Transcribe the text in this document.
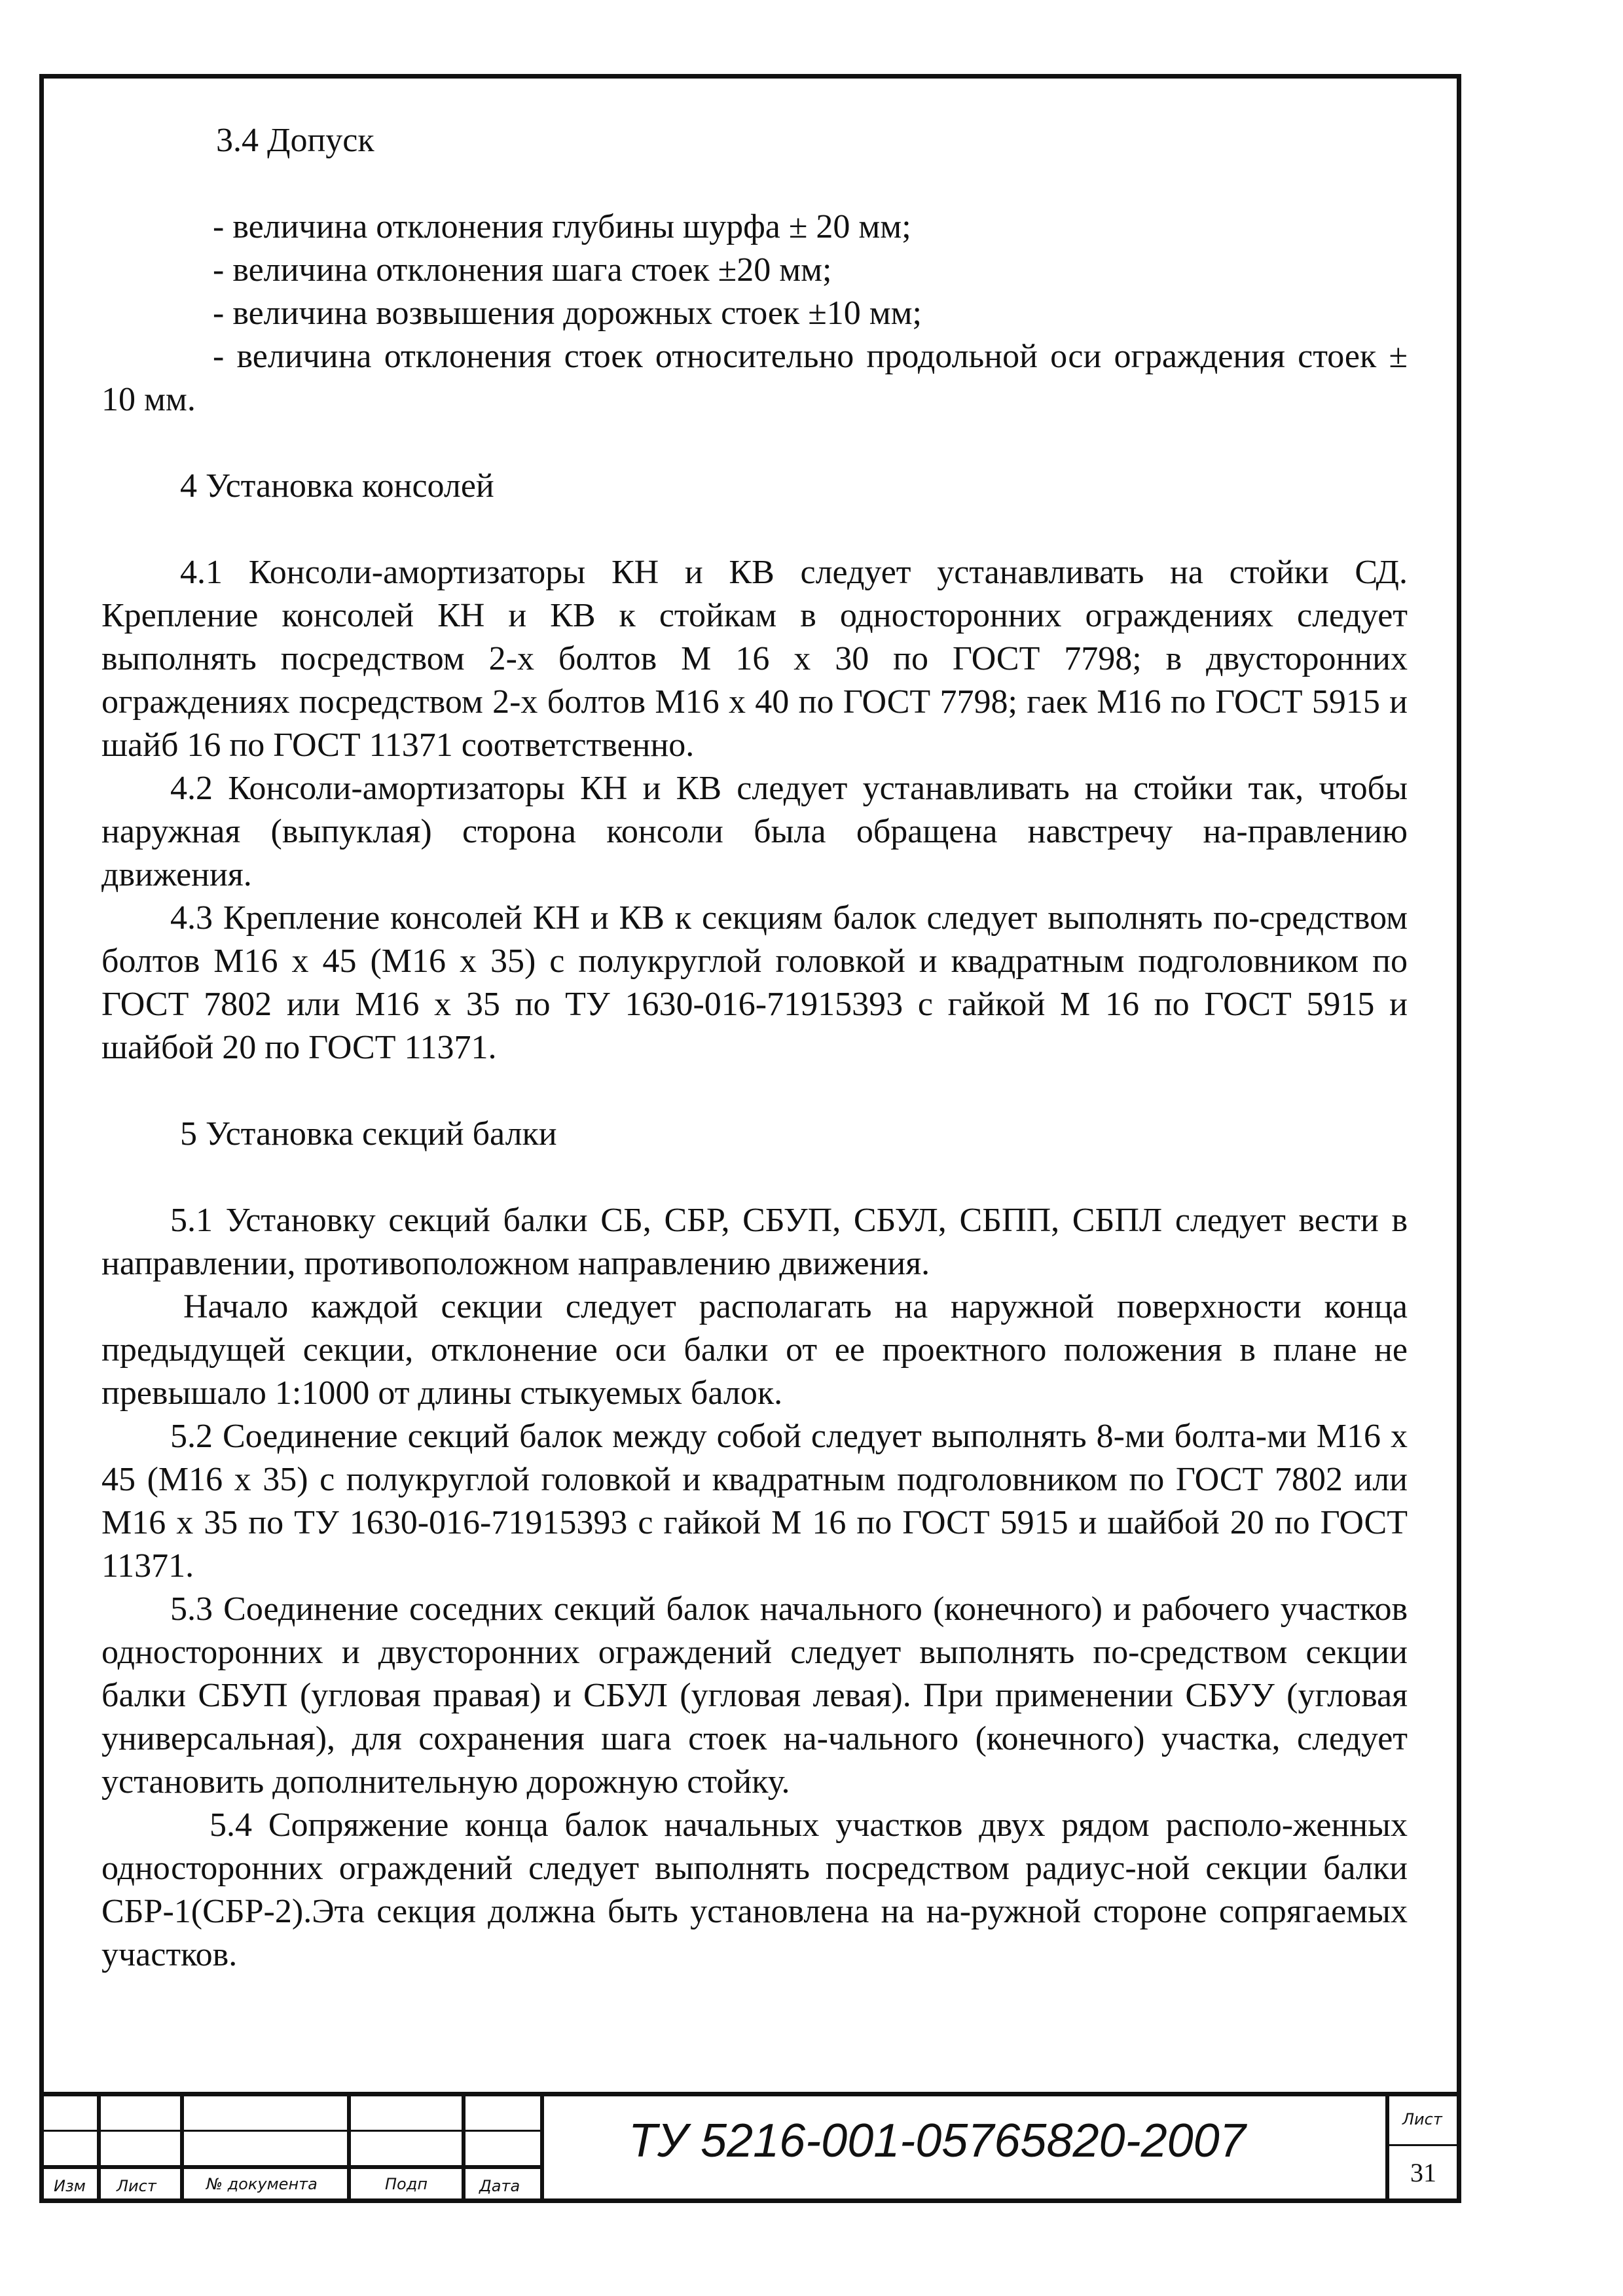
3.4 Допуск

- величина отклонения глубины шурфа ± 20 мм;

- величина отклонения шага стоек ±20 мм;

- величина возвышения дорожных стоек ±10 мм;

- величина отклонения стоек относительно продольной оси ограждения стоек ± 10 мм.

4 Установка консолей

4.1 Консоли-амортизаторы КН и КВ следует устанавливать на стойки СД. Крепление консолей КН и КВ к стойкам в односторонних ограждениях следует выполнять посредством 2-х болтов М 16 х 30 по ГОСТ 7798; в двусторонних ограждениях посредством 2-х болтов М16 х 40 по ГОСТ 7798; гаек М16 по ГОСТ 5915 и шайб 16 по ГОСТ 11371 соответственно.

4.2 Консоли-амортизаторы КН и КВ следует устанавливать на стойки так, чтобы наружная (выпуклая) сторона консоли была обращена навстречу на-правлению движения.

4.3 Крепление консолей КН и КВ к секциям балок следует выполнять по-средством болтов М16 х 45 (М16 х 35) с полукруглой головкой и квадратным подголовником по ГОСТ 7802 или М16 х 35 по ТУ 1630-016-71915393 с гайкой М 16 по ГОСТ 5915 и шайбой 20 по ГОСТ 11371.

5 Установка секций балки

5.1 Установку секций балки СБ, СБР, СБУП, СБУЛ, СБПП, СБПЛ следует вести в направлении, противоположном направлению движения.

Начало каждой секции следует располагать на наружной поверхности конца предыдущей секции, отклонение оси балки от ее проектного положения в плане не превышало 1:1000 от длины стыкуемых балок.

5.2 Соединение секций балок между собой следует выполнять 8-ми болта-ми М16 х 45 (М16 х 35) с полукруглой головкой и квадратным подголовником по ГОСТ 7802 или М16 х 35 по ТУ 1630-016-71915393 с гайкой М 16 по ГОСТ 5915 и шайбой 20 по ГОСТ 11371.

5.3 Соединение соседних секций балок начального (конечного) и рабочего участков односторонних и двусторонних ограждений следует выполнять по-средством секции балки СБУП (угловая правая) и СБУЛ (угловая левая). При применении СБУУ (угловая универсальная), для сохранения шага стоек на-чального (конечного) участка, следует установить дополнительную дорожную стойку.

5.4 Сопряжение конца балок начальных участков двух рядом располо-женных односторонних ограждений следует выполнять посредством радиус-ной секции балки СБР-1(СБР-2).Эта секция должна быть установлена на на-ружной стороне сопрягаемых участков.

Изм Лист	№ документа	Подп	Дата
ТУ 5216-001-05765820-2007	Лист
31
